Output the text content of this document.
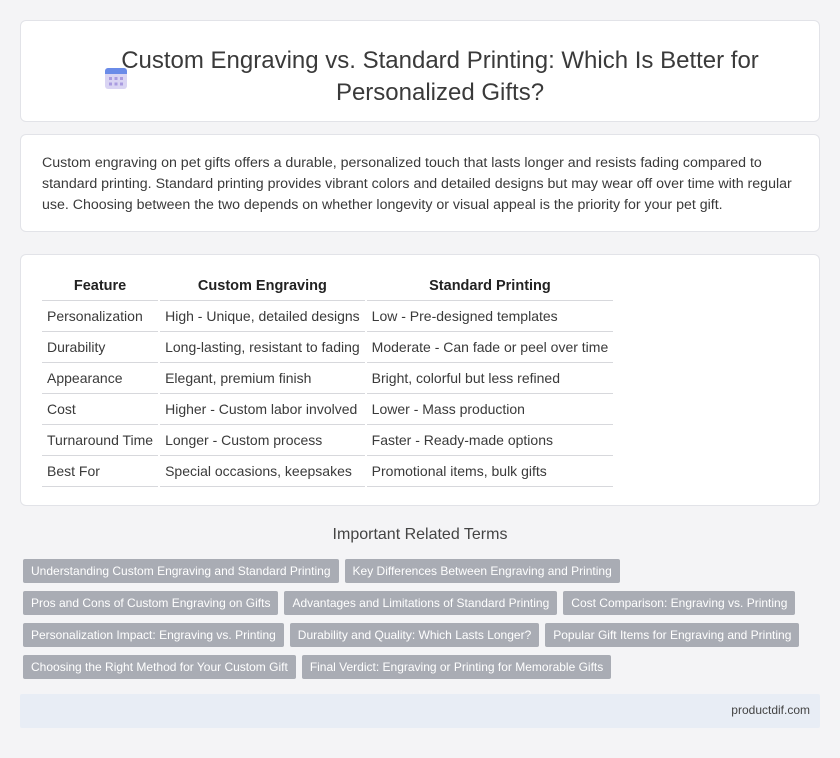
Custom Engraving vs. Standard Printing: Which Is Better for Personalized Gifts?

Custom engraving on pet gifts offers a durable, personalized touch that lasts longer and resists fading compared to standard printing. Standard printing provides vibrant colors and detailed designs but may wear off over time with regular use. Choosing between the two depends on whether longevity or visual appeal is the priority for your pet gift.

Feature	Custom Engraving	Standard Printing
Personalization	High - Unique, detailed designs	Low - Pre-designed templates
Durability	Long-lasting, resistant to fading	Moderate - Can fade or peel over time
Appearance	Elegant, premium finish	Bright, colorful but less refined
Cost	Higher - Custom labor involved	Lower - Mass production
Turnaround Time	Longer - Custom process	Faster - Ready-made options
Best For	Special occasions, keepsakes	Promotional items, bulk gifts
Important Related Terms
Understanding Custom Engraving and Standard Printing	Key Differences Between Engraving and Printing
Pros and Cons of Custom Engraving on Gifts	Advantages and Limitations of Standard Printing	Cost Comparison: Engraving vs. Printing
Personalization Impact: Engraving vs. Printing	Durability and Quality: Which Lasts Longer?	Popular Gift Items for Engraving and Printing
Choosing the Right Method for Your Custom Gift	Final Verdict: Engraving or Printing for Memorable Gifts
productdif.com
